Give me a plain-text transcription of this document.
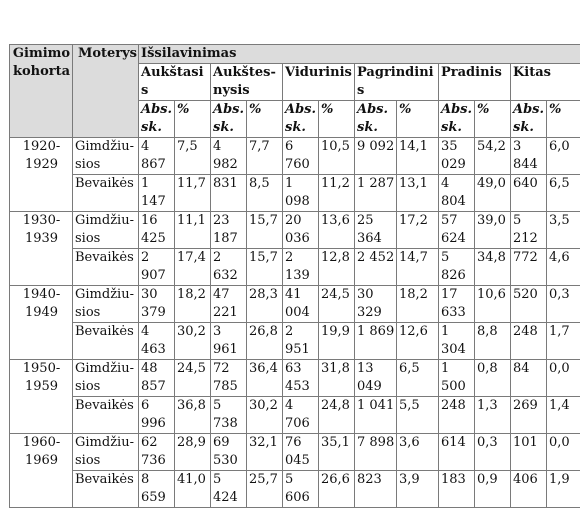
Gimimo kohorta	Moterys	Išsilavinimas											
		Aukštasis		Aukštes-nysis		Vidurinis		Pagrindinis		Pradinis		Kitas	
		Abs. sk.	%	Abs. sk.	%	Abs. sk.	%	Abs. sk.	%	Abs. sk.	%	Abs. sk.	%
1920-1929	Gimdžiu-sios	4 867	7,5	4 982	7,7	6 760	10,5	9 092	14,1	35 029	54,2	3 844	6,0
	Bevaikės	1 147	11,7	831	8,5	1 098	11,2	1 287	13,1	4 804	49,0	640	6,5
1930-1939	Gimdžiu-sios	16 425	11,1	23 187	15,7	20 036	13,6	25 364	17,2	57 624	39,0	5 212	3,5
	Bevaikės	2 907	17,4	2 632	15,7	2 139	12,8	2 452	14,7	5 826	34,8	772	4,6
1940-1949	Gimdžiu-sios	30 379	18,2	47 221	28,3	41 004	24,5	30 329	18,2	17 633	10,6	520	0,3
	Bevaikės	4 463	30,2	3 961	26,8	2 951	19,9	1 869	12,6	1 304	8,8	248	1,7
1950-1959	Gimdžiu-sios	48 857	24,5	72 785	36,4	63 453	31,8	13 049	6,5	1 500	0,8	84	0,0
	Bevaikės	6 996	36,8	5 738	30,2	4 706	24,8	1 041	5,5	248	1,3	269	1,4
1960-1969	Gimdžiu-sios	62 736	28,9	69 530	32,1	76 045	35,1	7 898	3,6	614	0,3	101	0,0
	Bevaikės	8 659	41,0	5 424	25,7	5 606	26,6	823	3,9	183	0,9	406	1,9
